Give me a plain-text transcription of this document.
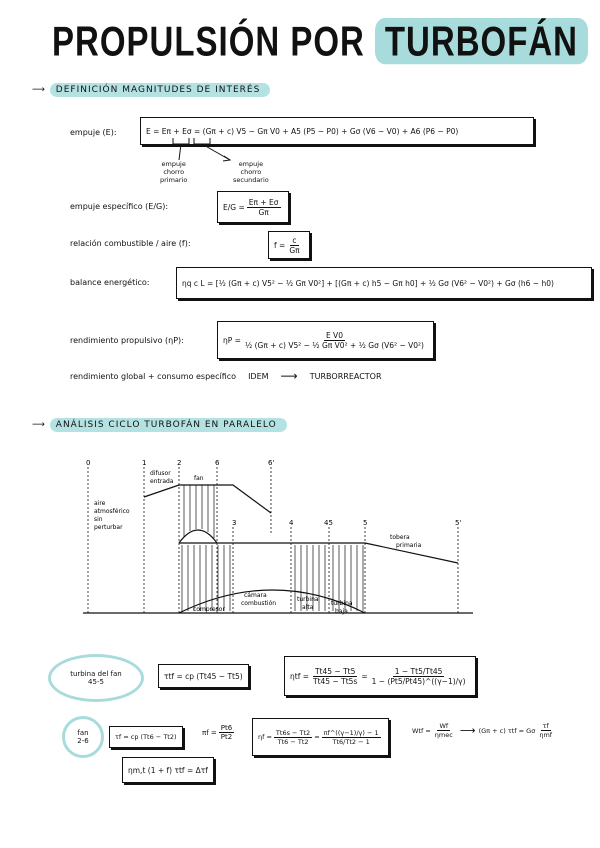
PROPULSIÓN POR TURBOFÁN
⟶ DEFINICIÓN MAGNITUDES DE INTERÉS
empuje (E):	E = Eπ + Eσ = (Gπ + c) V5 − Gπ V0 + A5 (P5 − P0) + Gσ (V6 − V0) + A6 (P6 − P0)
empuje
chorro
primario
empuje
chorro
secundario
empuje específico (E/G):	$E/G = \frac{E\pi + E\sigma}{G\pi}$
relación combustible / aire (f):	$f = \frac{c}{G\pi}$
balance energético:	ηq c L = [½ (Gπ + c) V5² − ½ Gπ V0²] + [(Gπ + c) h5 − Gπ h0] + ½ Gσ (V6² − V0²) + Gσ (h6 − h0)
rendimiento propulsivo (ηP):	$\eta P = \frac{\text{E V0}}{\text{½ (Gπ + c) V5² − ½ Gπ V0² + ½ Gσ (V6² − V0²)}}$
rendimiento global + consumo específico IDEM ⟶ TURBORREACTOR
⟶ ANÁLISIS CICLO TURBOFÁN EN PARALELO
0	1	2	6	6'
3	4	45	5	5'
difusor
entrada	fan
aire
atmosférico
sin
perturbar
tobera
primaria
compresor
cámara
combustión
turbina
alta
turbina
baja
turbina del fan
45-5
τtf = cp (Tt45 − Tt5)	$\eta tf = \frac{Tt45 - Tt5}{Tt45 - Tt5s} = \frac{1 - Tt5/Tt45}{1 - (Pt5/Pt45)\^{}((\gamma-1)/\gamma)}$
fan
2-6	τf = cp (Tt6 − Tt2)
$\pi f = \frac{Pt6}{Pt2}$	$\eta f = \frac{Tt6s - Tt2}{Tt6 - Tt2} = \frac{\pi f\^{}((\gamma-1)/\gamma) - 1}{Tt6/Tt2 - 1}$	Wtf = $\frac{Wf}{\text{ηmec}}$ ⟶ (Gπ + c) τtf = Gσ $\frac{\tau f}{\text{ηmf}}$
ηm,t (1 + f) τtf = Δτf
